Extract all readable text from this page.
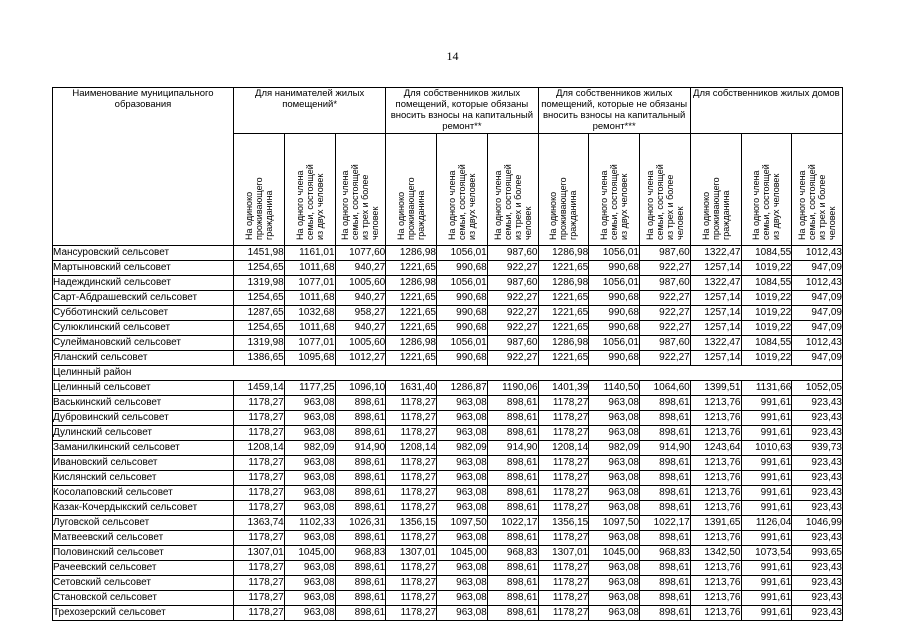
14
Наименование муниципального образования	Для нанимателей жилых помещений*			Для собственников жилых помещений, которые обязаны вносить взносы на капитальный ремонт**			Для собственников жилых помещений, которые не обязаны вносить взносы на капитальный ремонт***			Для собственников жилых домов		

	На одиноко
проживающего
гражданина	На одного члена
семьи, состоящей
из двух человек	На одного члена
семьи, состоящей
из трех и более
человек	На одиноко
проживающего
гражданина	На одного члена
семьи, состоящей
из двух человек	На одного члена
семьи, состоящей
из трех и более
человек	На одиноко
проживающего
гражданина	На одного члена
семьи, состоящей
из двух человек	На одного члена
семьи, состоящей
из трех и более
человек	На одиноко
проживающего
гражданина	На одного члена
семьи, состоящей
из двух человек	На одного члена
семьи, состоящей
из трех и более
человек

Мансуровский сельсовет	1451,98	1161,01	1077,60	1286,98	1056,01	987,60	1286,98	1056,01	987,60	1322,47	1084,55	1012,43
Мартыновский сельсовет	1254,65	1011,68	940,27	1221,65	990,68	922,27	1221,65	990,68	922,27	1257,14	1019,22	947,09
Надеждинский сельсовет	1319,98	1077,01	1005,60	1286,98	1056,01	987,60	1286,98	1056,01	987,60	1322,47	1084,55	1012,43
Сарт-Абдрашевский сельсовет	1254,65	1011,68	940,27	1221,65	990,68	922,27	1221,65	990,68	922,27	1257,14	1019,22	947,09
Субботинский сельсовет	1287,65	1032,68	958,27	1221,65	990,68	922,27	1221,65	990,68	922,27	1257,14	1019,22	947,09
Сулюклинский сельсовет	1254,65	1011,68	940,27	1221,65	990,68	922,27	1221,65	990,68	922,27	1257,14	1019,22	947,09
Сулеймановский сельсовет	1319,98	1077,01	1005,60	1286,98	1056,01	987,60	1286,98	1056,01	987,60	1322,47	1084,55	1012,43
Яланский сельсовет	1386,65	1095,68	1012,27	1221,65	990,68	922,27	1221,65	990,68	922,27	1257,14	1019,22	947,09
Целинный район												
Целинный сельсовет	1459,14	1177,25	1096,10	1631,40	1286,87	1190,06	1401,39	1140,50	1064,60	1399,51	1131,66	1052,05
Васькинский сельсовет	1178,27	963,08	898,61	1178,27	963,08	898,61	1178,27	963,08	898,61	1213,76	991,61	923,43
Дубровинский сельсовет	1178,27	963,08	898,61	1178,27	963,08	898,61	1178,27	963,08	898,61	1213,76	991,61	923,43
Дулинский сельсовет	1178,27	963,08	898,61	1178,27	963,08	898,61	1178,27	963,08	898,61	1213,76	991,61	923,43
Заманилкинский сельсовет	1208,14	982,09	914,90	1208,14	982,09	914,90	1208,14	982,09	914,90	1243,64	1010,63	939,73
Ивановский сельсовет	1178,27	963,08	898,61	1178,27	963,08	898,61	1178,27	963,08	898,61	1213,76	991,61	923,43
Кислянский сельсовет	1178,27	963,08	898,61	1178,27	963,08	898,61	1178,27	963,08	898,61	1213,76	991,61	923,43
Косолаповский сельсовет	1178,27	963,08	898,61	1178,27	963,08	898,61	1178,27	963,08	898,61	1213,76	991,61	923,43
Казак-Кочердыкский сельсовет	1178,27	963,08	898,61	1178,27	963,08	898,61	1178,27	963,08	898,61	1213,76	991,61	923,43
Луговской сельсовет	1363,74	1102,33	1026,31	1356,15	1097,50	1022,17	1356,15	1097,50	1022,17	1391,65	1126,04	1046,99
Матвеевский сельсовет	1178,27	963,08	898,61	1178,27	963,08	898,61	1178,27	963,08	898,61	1213,76	991,61	923,43
Половинский сельсовет	1307,01	1045,00	968,83	1307,01	1045,00	968,83	1307,01	1045,00	968,83	1342,50	1073,54	993,65
Рачеевский сельсовет	1178,27	963,08	898,61	1178,27	963,08	898,61	1178,27	963,08	898,61	1213,76	991,61	923,43
Сетовский сельсовет	1178,27	963,08	898,61	1178,27	963,08	898,61	1178,27	963,08	898,61	1213,76	991,61	923,43
Становской сельсовет	1178,27	963,08	898,61	1178,27	963,08	898,61	1178,27	963,08	898,61	1213,76	991,61	923,43
Трехозерский сельсовет	1178,27	963,08	898,61	1178,27	963,08	898,61	1178,27	963,08	898,61	1213,76	991,61	923,43
